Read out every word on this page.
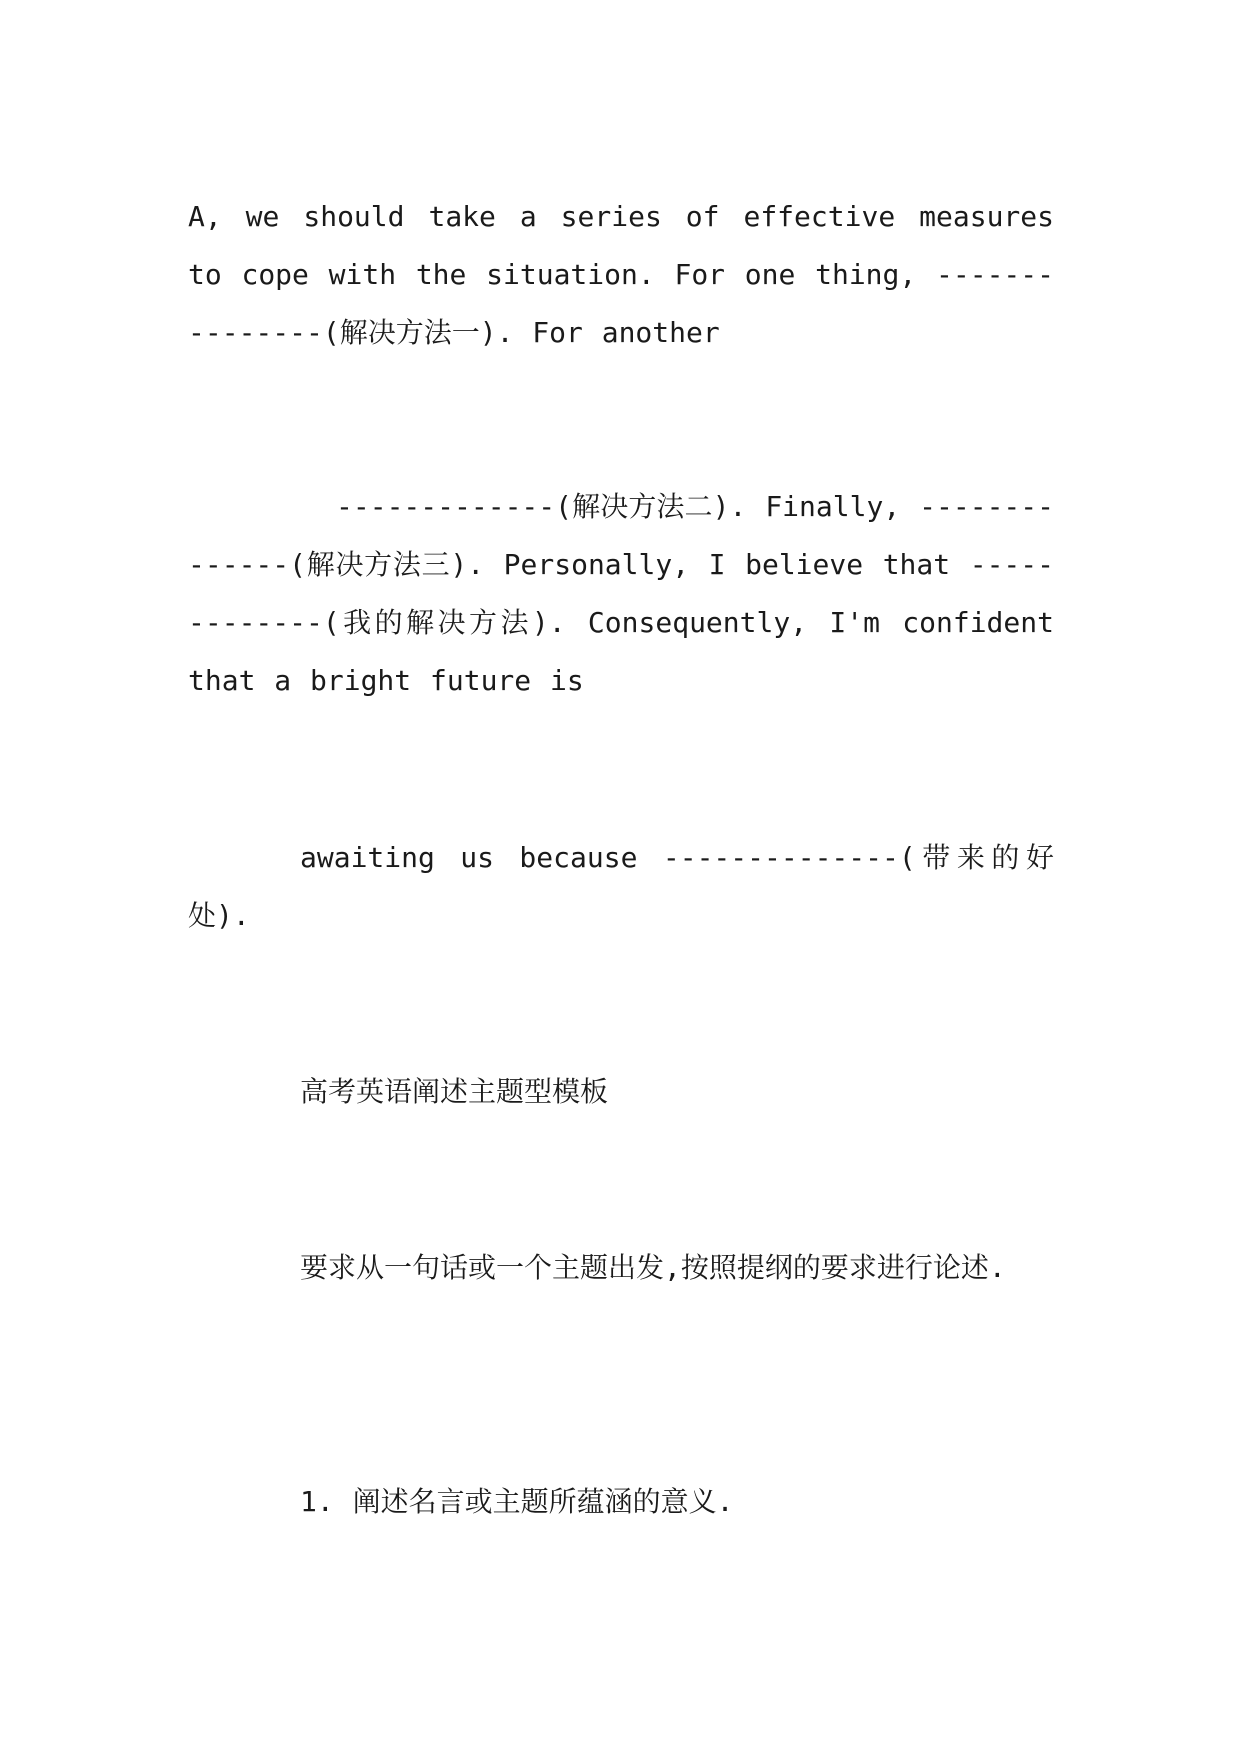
A, we should take a series of effective measures to cope with the situation. For one thing, ---------------(解决方法一). For another

-------------(解决方法二). Finally, --------------(解决方法三). Personally, I believe that -------------(我的解决方法). Consequently, I'm confident that a bright future is

awaiting us because --------------(带来的好处).

高考英语阐述主题型模板

要求从一句话或一个主题出发,按照提纲的要求进行论述.

1. 阐述名言或主题所蕴涵的意义.
